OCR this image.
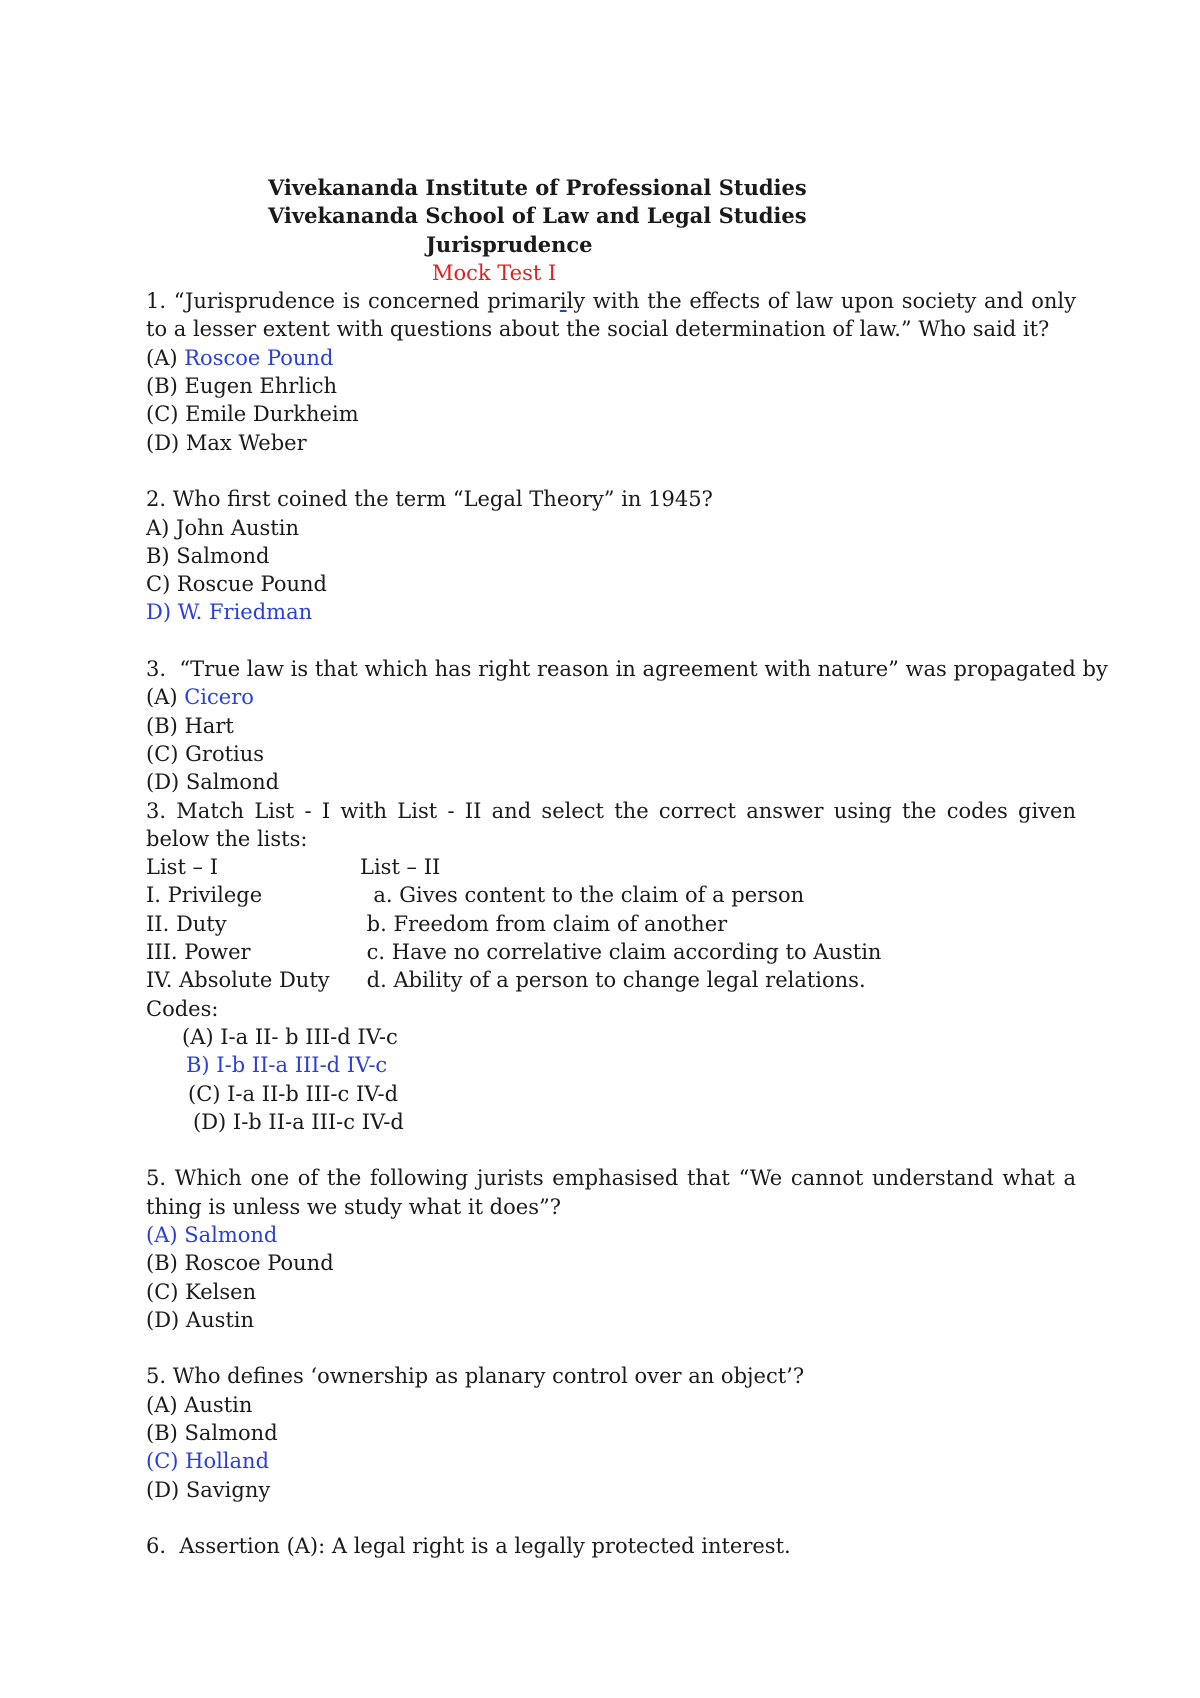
Vivekananda Institute of Professional Studies
Vivekananda School of Law and Legal Studies
Jurisprudence
Mock Test I
1. “Jurisprudence is concerned primarily with the effects of law upon society and only to a lesser extent with questions about the social determination of law.” Who said it?
(A) Roscoe Pound
(B) Eugen Ehrlich
(C) Emile Durkheim
(D) Max Weber
2. Who first coined the term “Legal Theory” in 1945?
A) John Austin
B) Salmond
C) Roscue Pound
D) W. Friedman
3.  “True law is that which has right reason in agreement with nature” was propagated by
(A) Cicero
(B) Hart
(C) Grotius
(D) Salmond
3. Match List - I with List - II and select the correct answer using the codes given below the lists:
List – I	List – II
I. Privilege	a. Gives content to the claim of a person
II. Duty	b. Freedom from claim of another
III. Power	c. Have no correlative claim according to Austin
IV. Absolute Duty	d. Ability of a person to change legal relations.
Codes:
(A) I-a II- b III-d IV-c
B) I-b II-a III-d IV-c
(C) I-a II-b III-c IV-d
(D) I-b II-a III-c IV-d
5. Which one of the following jurists emphasised that “We cannot understand what a thing is unless we study what it does”?
(A) Salmond
(B) Roscoe Pound
(C) Kelsen
(D) Austin
5. Who defines ‘ownership as planary control over an object’?
(A) Austin
(B) Salmond
(C) Holland
(D) Savigny
6.  Assertion (A): A legal right is a legally protected interest.
